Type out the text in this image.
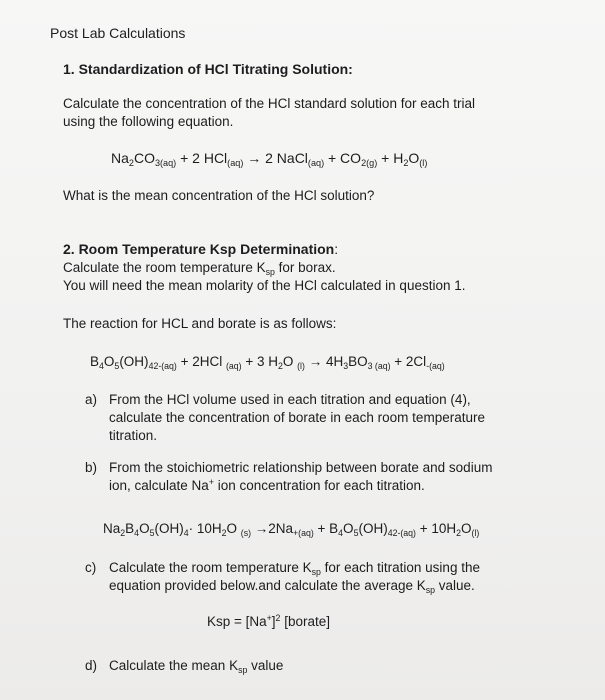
Post Lab Calculations
1. Standardization of HCl Titrating Solution:
Calculate the concentration of the HCl standard solution for each trial
using the following equation.
$Na_2CO_{3(aq)} + 2$ HCl$_{(aq)}$ → 2 NaCl$_{(aq)}$ + $CO_{2(g)} + H_2O_{(l)}$
What is the mean concentration of the HCl solution?
2. Room Temperature Ksp Determination:
Calculate the room temperature $K_{sp}$ for borax.
You will need the mean molarity of the HCl calculated in question 1.
The reaction for HCL and borate is as follows:
$B_4O_5(OH)_{42-(aq)} + 2HCl$ $_{(aq)}$ + 3 $H_2O$ $_{(l)} \to 4H_3BO_3$ $_{(aq)} + 2Cl_{-(aq)}$
a) From the HCl volume used in each titration and equation (4),
calculate the concentration of borate in each room temperature
titration.
b) From the stoichiometric relationship between borate and sodium
ion, calculate Na+ ion concentration for each titration.
$Na_2B_4O_5(OH)_4\cdot 10H_2O$ $_{(s)} \to 2Na_{+(aq)} + B_4O_5(OH)_{42-(aq)} + 10H_2O_{(l)}$
c) Calculate the room temperature $K_{sp}$ for each titration using the
equation provided below.and calculate the average $K_{sp}$ value.
Ksp = $[Na^+]^2$ [borate]
d) Calculate the mean $K_{sp}$ value
